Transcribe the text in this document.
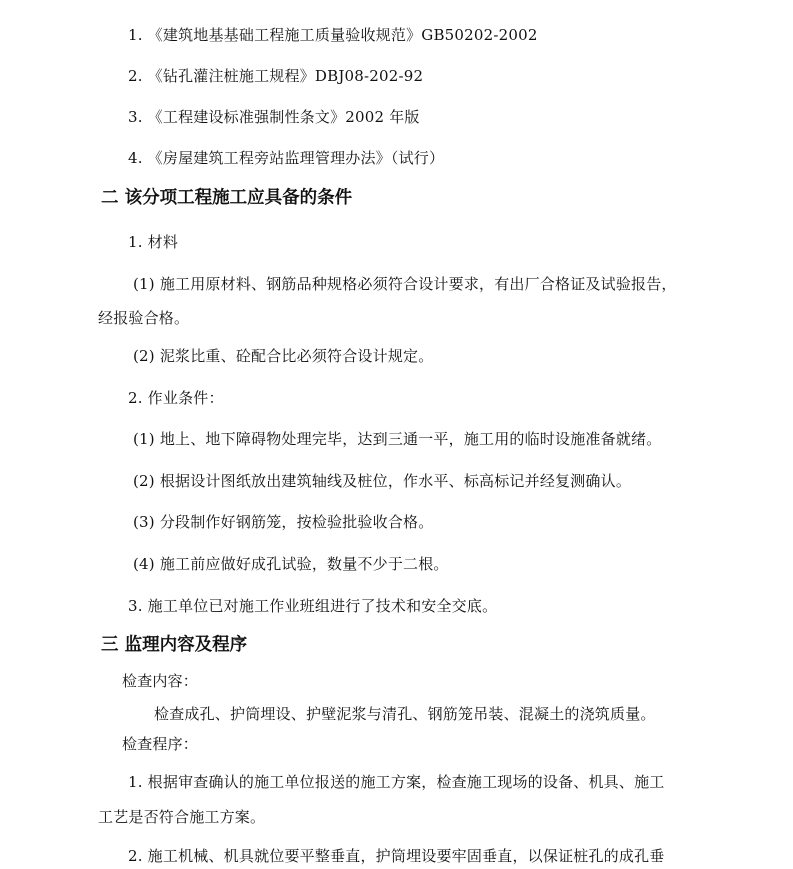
1. 《建筑地基基础工程施工质量验收规范》GB50202-2002
2. 《钻孔灌注桩施工规程》DBJ08-202-92
3. 《工程建设标准强制性条文》2002 年版
4. 《房屋建筑工程旁站监理管理办法》（试行）
二 该分项工程施工应具备的条件
1. 材料
(1) 施工用原材料、钢筋品种规格必须符合设计要求，有出厂合格证及试验报告，
经报验合格。
(2) 泥浆比重、砼配合比必须符合设计规定。
2. 作业条件：
(1) 地上、地下障碍物处理完毕，达到三通一平，施工用的临时设施准备就绪。
(2) 根据设计图纸放出建筑轴线及桩位，作水平、标高标记并经复测确认。
(3) 分段制作好钢筋笼，按检验批验收合格。
(4) 施工前应做好成孔试验，数量不少于二根。
3. 施工单位已对施工作业班组进行了技术和安全交底。
三 监理内容及程序
检查内容：
检查成孔、护筒埋设、护壁泥浆与清孔、钢筋笼吊装、混凝土的浇筑质量。
检查程序：
1. 根据审查确认的施工单位报送的施工方案，检查施工现场的设备、机具、施工
工艺是否符合施工方案。
2. 施工机械、机具就位要平整垂直，护筒埋设要牢固垂直，以保证桩孔的成孔垂
